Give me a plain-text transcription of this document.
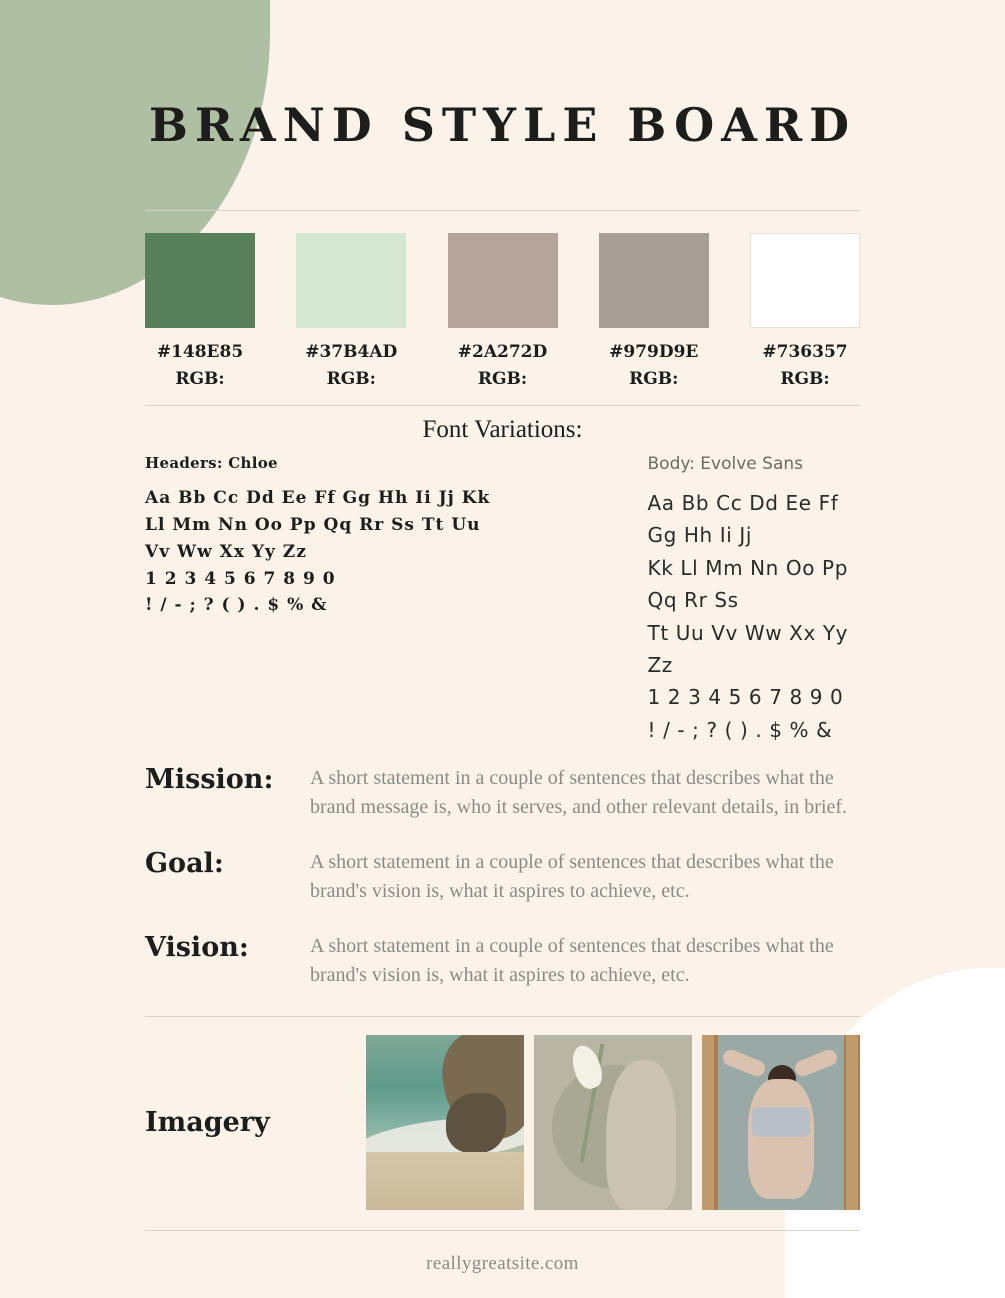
BRAND STYLE BOARD
#148E85
RGB:
#37B4AD
RGB:
#2A272D
RGB:
#979D9E
RGB:
#736357
RGB:
Font Variations:
Headers: Chloe
Aa Bb Cc Dd Ee Ff Gg Hh Ii Jj Kk
Ll Mm Nn Oo Pp Qq Rr Ss Tt Uu
Vv Ww Xx Yy Zz
1 2 3 4 5 6 7 8 9 0
! / - ; ? ( ) . $ % &
Body: Evolve Sans
Aa Bb Cc Dd Ee Ff Gg Hh Ii Jj
Kk Ll Mm Nn Oo Pp Qq Rr Ss
Tt Uu Vv Ww Xx Yy Zz
1 2 3 4 5 6 7 8 9 0
! / - ; ? ( ) . $ % &
Mission:	A short statement in a couple of sentences that describes what the brand message is, who it serves, and other relevant details, in brief.
Goal:	A short statement in a couple of sentences that describes what the brand's vision is, what it aspires to achieve, etc.
Vision:	A short statement in a couple of sentences that describes what the brand's vision is, what it aspires to achieve, etc.
Imagery
reallygreatsite.com
